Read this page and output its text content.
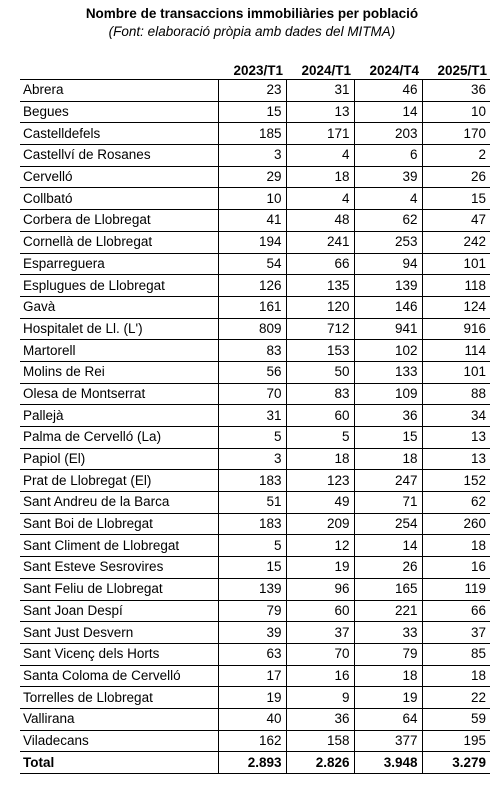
Nombre de transaccions immobiliàries per població
(Font: elaboració pròpia amb dades del MITMA)
	2023/T1	2024/T1	2024/T4	2025/T1
Abrera	23	31	46	36
Begues	15	13	14	10
Castelldefels	185	171	203	170
Castellví de Rosanes	3	4	6	2
Cervelló	29	18	39	26
Collbató	10	4	4	15
Corbera de Llobregat	41	48	62	47
Cornellà de Llobregat	194	241	253	242
Esparreguera	54	66	94	101
Esplugues de Llobregat	126	135	139	118
Gavà	161	120	146	124
Hospitalet de Ll. (L')	809	712	941	916
Martorell	83	153	102	114
Molins de Rei	56	50	133	101
Olesa de Montserrat	70	83	109	88
Pallejà	31	60	36	34
Palma de Cervelló (La)	5	5	15	13
Papiol (El)	3	18	18	13
Prat de Llobregat (El)	183	123	247	152
Sant Andreu de la Barca	51	49	71	62
Sant Boi de Llobregat	183	209	254	260
Sant Climent de Llobregat	5	12	14	18
Sant Esteve Sesrovires	15	19	26	16
Sant Feliu de Llobregat	139	96	165	119
Sant Joan Despí	79	60	221	66
Sant Just Desvern	39	37	33	37
Sant Vicenç dels Horts	63	70	79	85
Santa Coloma de Cervelló	17	16	18	18
Torrelles de Llobregat	19	9	19	22
Vallirana	40	36	64	59
Viladecans	162	158	377	195
Total	2.893	2.826	3.948	3.279
